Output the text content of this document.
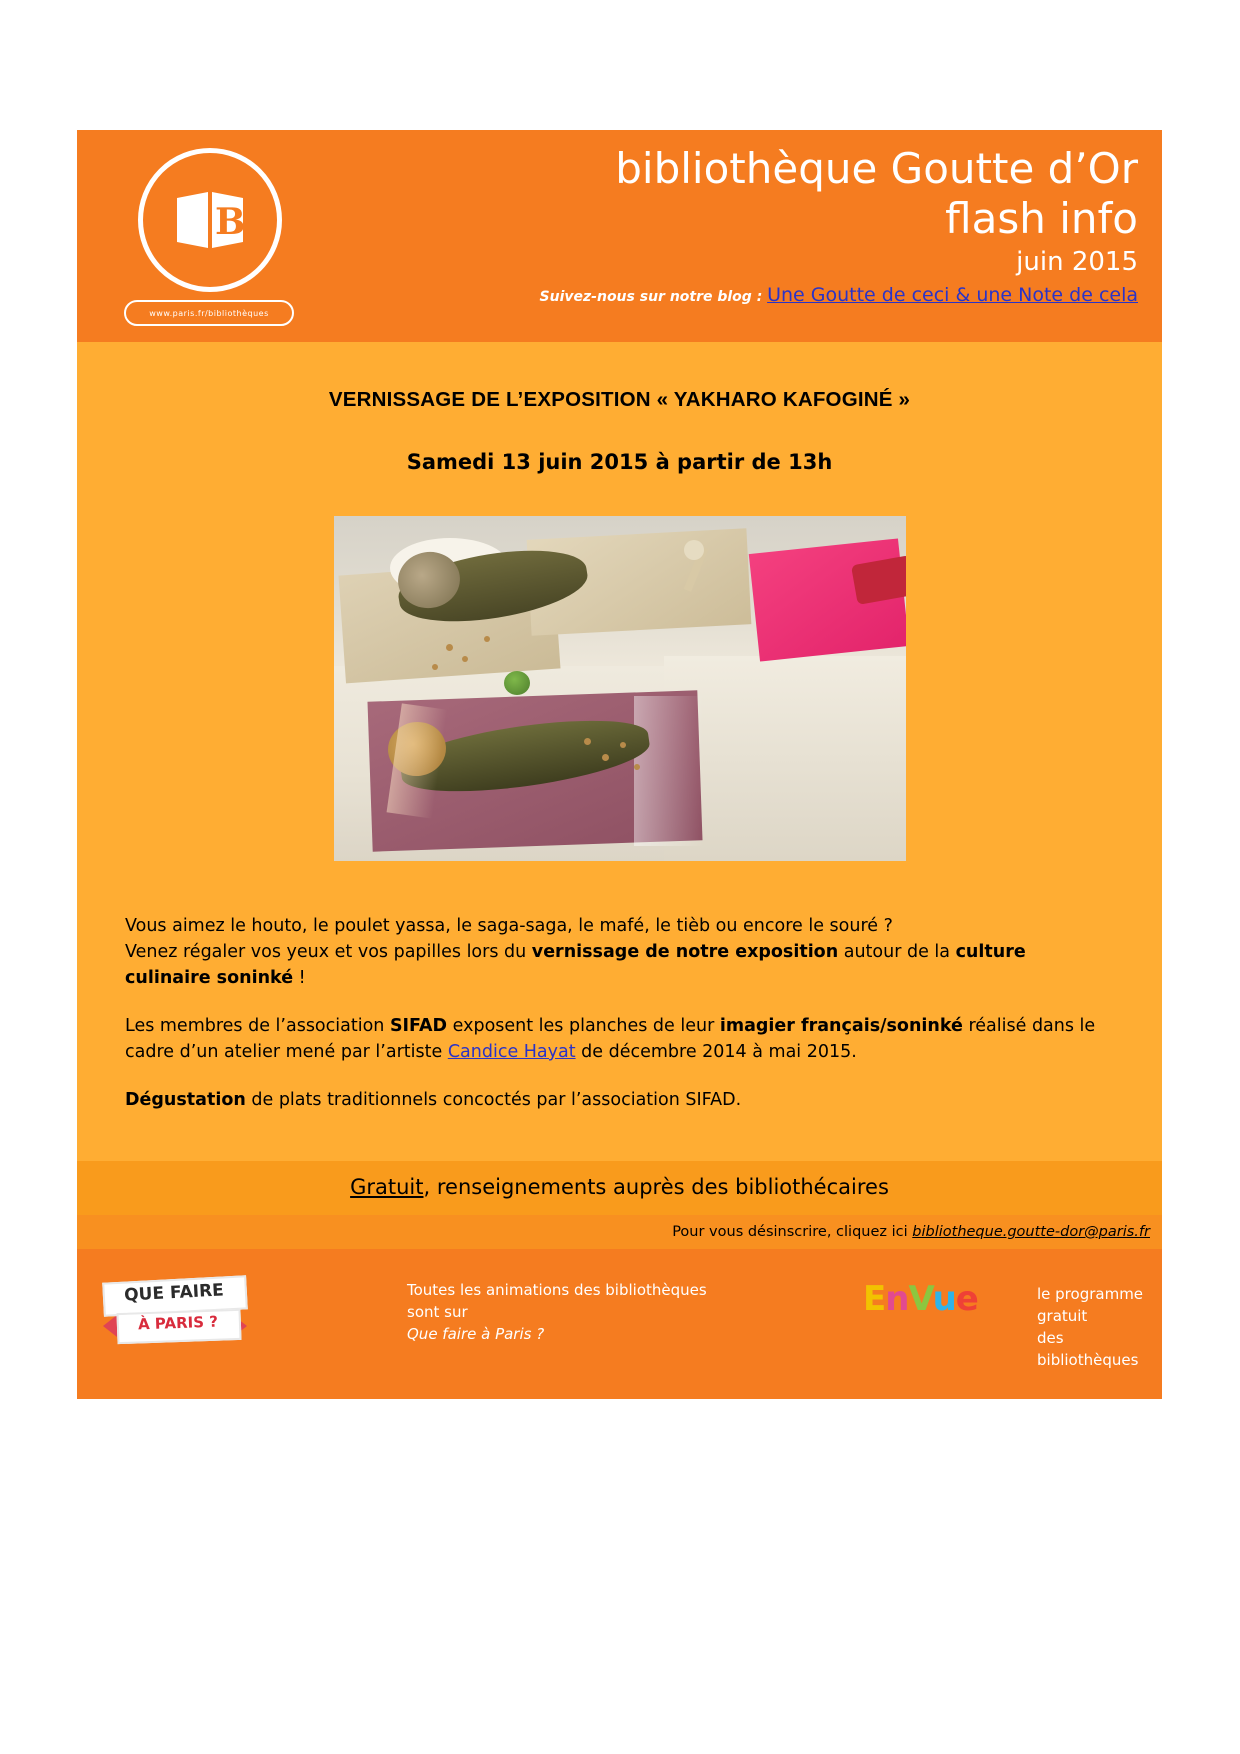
B
www.paris.fr/bibliothèques
bibliothèque Goutte d’Or
flash info
juin 2015
Suivez-nous sur notre blog : Une Goutte de ceci & une Note de cela
VERNISSAGE DE L’EXPOSITION « YAKHARO KAFOGINÉ »
Samedi 13 juin 2015 à partir de 13h

Vous aimez le houto, le poulet yassa, le saga-saga, le mafé, le tièb ou encore le souré ?

Venez régaler vos yeux et vos papilles lors du vernissage de notre exposition autour de la culture culinaire soninké !

Les membres de l’association SIFAD exposent les planches de leur imagier français/soninké réalisé dans le cadre d’un atelier mené par l’artiste Candice Hayat de décembre 2014 à mai 2015.

Dégustation de plats traditionnels concoctés par l’association SIFAD.

Gratuit, renseignements auprès des bibliothécaires
Pour vous désinscrire, cliquez ici bibliotheque.goutte-dor@paris.fr
QUE FAIRE
À PARIS ?
Toutes les animations des bibliothèques
sont sur
Que faire à Paris ?
EnVue	le programme gratuit
des bibliothèques
